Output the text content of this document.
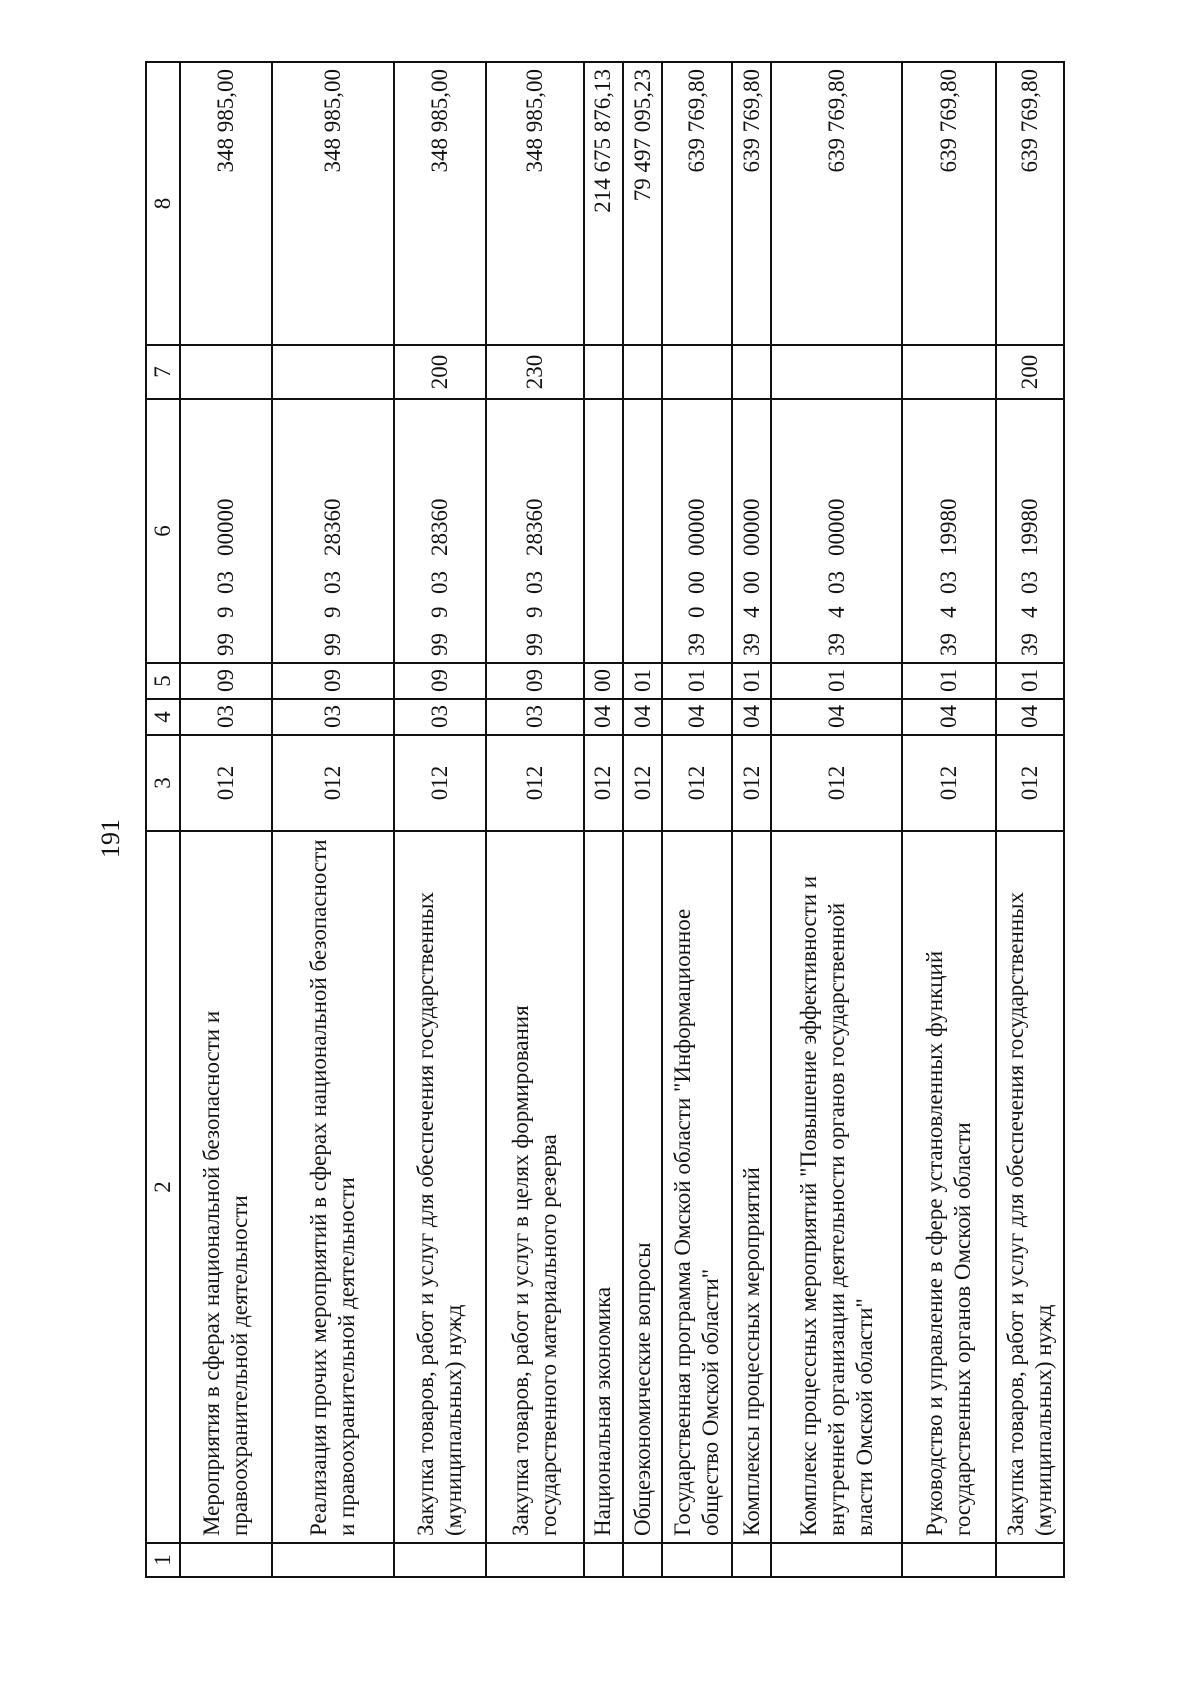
191
1	2	3	4	5	6	7	8
	Мероприятия в сферах национальной безопасности и правоохранительной деятельности	012	03	09	9990300000		348 985,00
	Реализация прочих мероприятий в сферах национальной безопасности и правоохранительной деятельности	012	03	09	9990328360		348 985,00
	Закупка товаров, работ и услуг для обеспечения государственных (муниципальных) нужд	012	03	09	9990328360	200	348 985,00
	Закупка товаров, работ и услуг в целях формирования государственного материального резерва	012	03	09	9990328360	230	348 985,00
	Национальная экономика	012	04	00			214 675 876,13
	Общеэкономические вопросы	012	04	01			79 497 095,23
	Государственная программа Омской области "Информационное общество Омской области"	012	04	01	3900000000		639 769,80
	Комплексы процессных мероприятий	012	04	01	3940000000		639 769,80
	Комплекс процессных мероприятий "Повышение эффективности и внутренней организации деятельности органов государственной власти Омской области"	012	04	01	3940300000		639 769,80
	Руководство и управление в сфере установленных функций государственных органов Омской области	012	04	01	3940319980		639 769,80
	Закупка товаров, работ и услуг для обеспечения государственных (муниципальных) нужд	012	04	01	3940319980	200	639 769,80
